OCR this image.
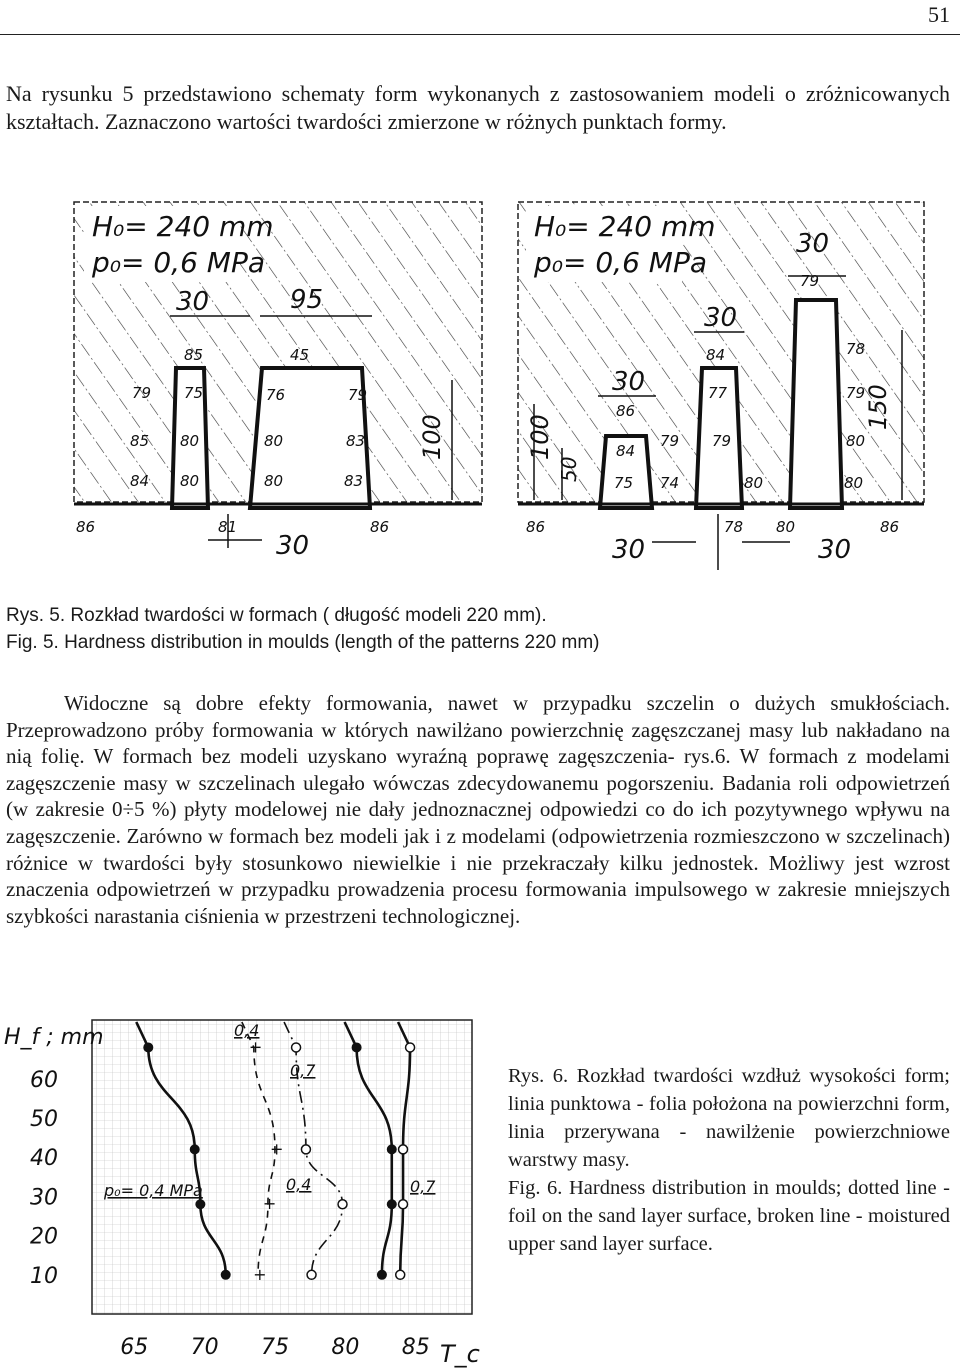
51
Na rysunku 5 przedstawiono schematy form wykonanych z zastosowaniem modeli o zróżnicowanych kształtach. Zaznaczono wartości twardości zmierzone w różnych punktach formy.
H₀= 240 mm
p₀= 0,6 MPa
30	95
30
100
85	45
79 75	76	79
85 80	80	83
84 80	80	83
86	81	86
H₀= 240 mm
p₀= 0,6 MPa
30
30
30
30	30
100
50
150
79
84	78
86
77	79
84
79 79	80
75 74	80	80
86	78 80	86
Rys. 5. Rozkład twardości w formach ( długość modeli 220 mm).
Fig. 5. Hardness distribution in moulds (length of the patterns 220 mm)
Widoczne są dobre efekty formowania, nawet w przypadku szczelin o dużych smukłościach. Przeprowadzono próby formowania w których nawilżano powierzchnię zagęszczanej masy lub nakładano na nią folię. W formach bez modeli uzyskano wyraźną poprawę zagęszczenia- rys.6. W formach z modelami zagęszczenie masy w szczelinach ulegało wówczas zdecydowanemu pogorszeniu. Badania roli odpowietrzeń (w zakresie 0÷5 %) płyty modelowej nie dały jednoznacznej odpowiedzi co do ich pozytywnego wpływu na zagęszczenie. Zarówno w formach bez modeli jak i z modelami (odpowietrzenia rozmieszczono w szczelinach) różnice w twardości były stosunkowo niewielkie i nie przekraczały kilku jednostek. Możliwy jest wzrost znaczenia odpowietrzeń w przypadku prowadzenia procesu formowania impulsowego w zakresie mniejszych szybkości narastania ciśnienia w przestrzeni technologicznej.
H_f ; mm
T_c
60
50
40
30
20
10
65 70 75 80 85
+
+
+
+
0,4
0,7
p₀= 0,4 MPa	0,4	0,7

Rys. 6. Rozkład twardości wzdłuż wysokości form; linia punktowa - folia położona na powierzchni form, linia przerywana - nawilżenie powierzchniowe warstwy masy.

Fig. 6. Hardness distribution in moulds; dotted line - foil on the sand layer surface, broken line - moistured upper sand layer surface.
